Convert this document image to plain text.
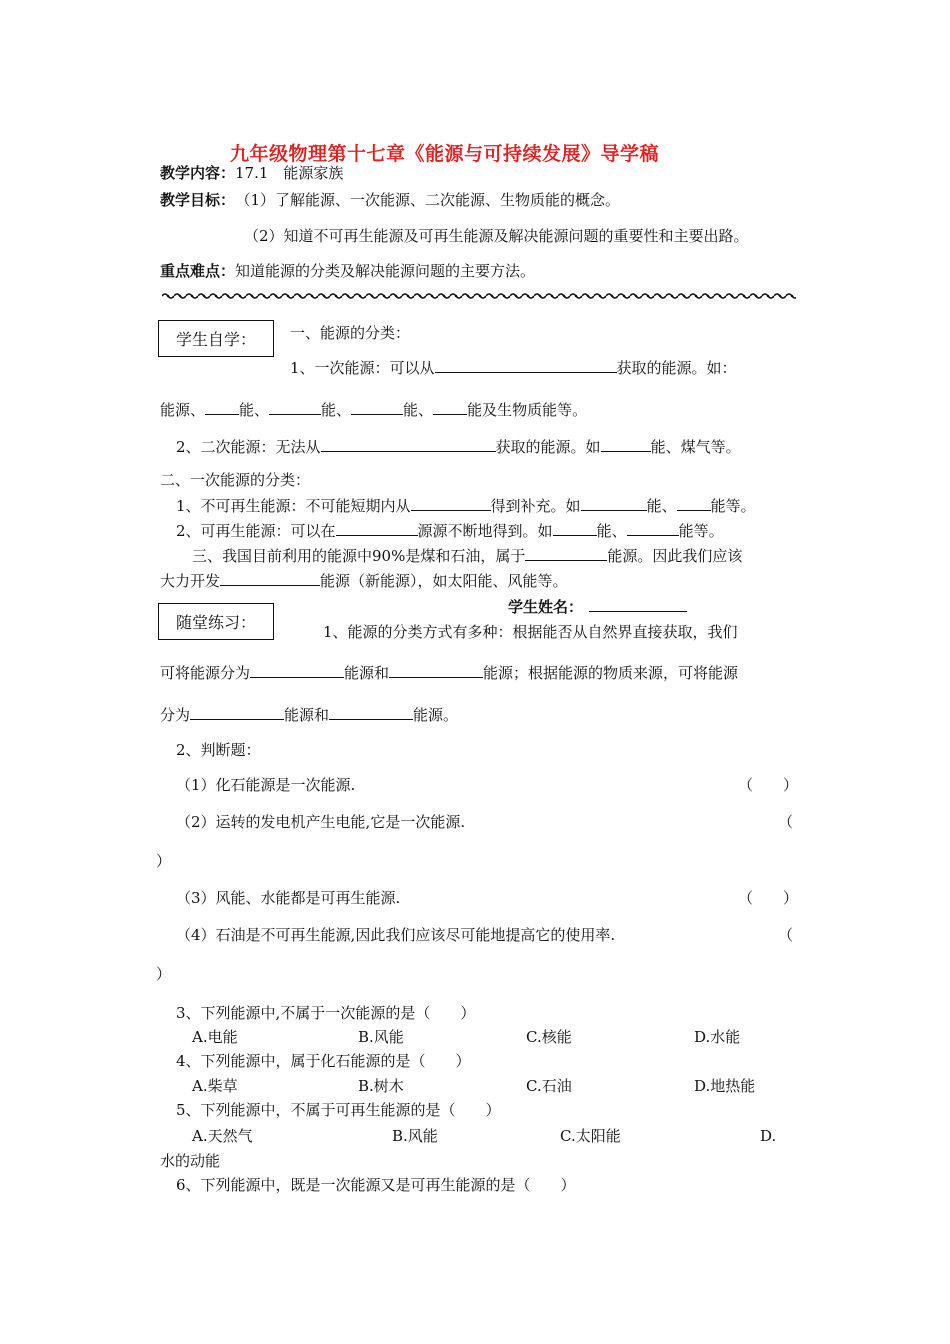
九年级物理第十七章《能源与可持续发展》导学稿
教学内容：17.1　能源家族
教学目标： （1）了解能源、一次能源、二次能源、生物质能的概念。
（2）知道不可再生能源及可再生能源及解决能源问题的重要性和主要出路。
重点难点：知道能源的分类及解决能源问题的主要方法。
学生自学：	一、能源的分类：
1、一次能源：可以从	获取的能源。如：
能源、 能、	能、	能、 能及生物质能等。
2、二次能源：无法从	获取的能源。如	能、煤气等。
二、一次能源的分类：
1、不可再生能源：不可能短期内从	得到补充。如	能、 能等。
2、可再生能源：可以在	源源不断地得到。如	能、	能等。
三、我国目前利用的能源中90%是煤和石油，属于	能源。因此我们应该
大力开发	能源（新能源），如太阳能、风能等。
随堂练习：
学生姓名：
1、能源的分类方式有多种：根据能否从自然界直接获取，我们
可将能源分为	能源和	能源；根据能源的物质来源，可将能源
分为	能源和	能源。
2、判断题：
（1）化石能源是一次能源.	（　　）
（2）运转的发电机产生电能,它是一次能源.	（
）
（3）风能、水能都是可再生能源.	（　　）
（4）石油是不可再生能源,因此我们应该尽可能地提高它的使用率.	（
）
3、下列能源中,不属于一次能源的是（　　）
A.电能	B.风能	C.核能	D.水能
4、下列能源中，属于化石能源的是（　　）
A.柴草	B.树木	C.石油	D.地热能
5、下列能源中，不属于可再生能源的是（　　）
A.天然气	B.风能	C.太阳能	D.
水的动能
6、下列能源中，既是一次能源又是可再生能源的是（　　）
